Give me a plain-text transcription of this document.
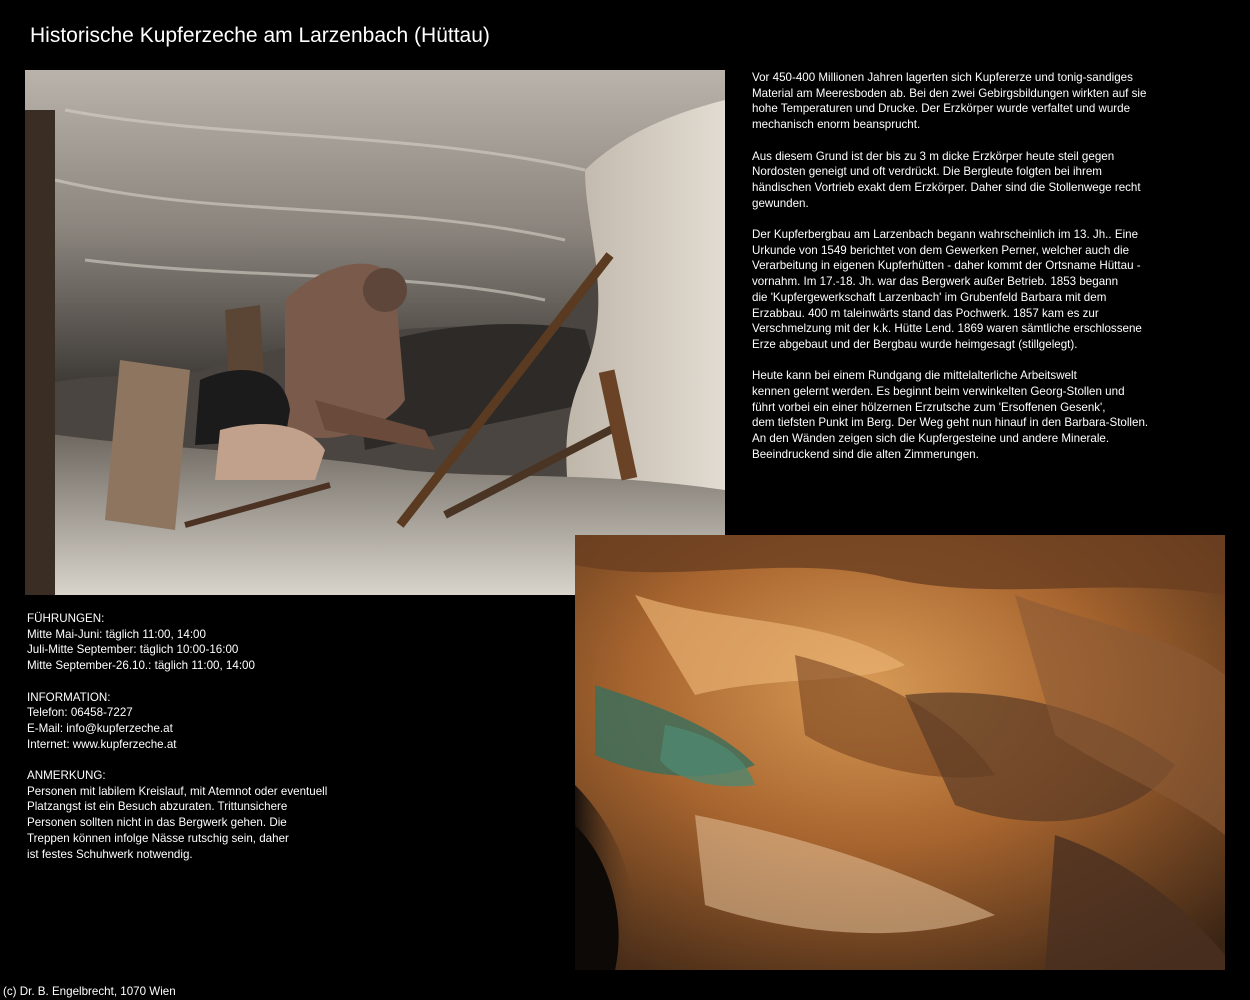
Historische Kupferzeche am Larzenbach (Hüttau)

Vor 450-400 Millionen Jahren lagerten sich Kupfererze und tonig-sandiges
Material am Meeresboden ab. Bei den zwei Gebirgsbildungen wirkten auf sie
hohe Temperaturen und Drucke. Der Erzkörper wurde verfaltet und wurde
mechanisch enorm beansprucht.

Aus diesem Grund ist der bis zu 3 m dicke Erzkörper heute steil gegen
Nordosten geneigt und oft verdrückt. Die Bergleute folgten bei ihrem
händischen Vortrieb exakt dem Erzkörper. Daher sind die Stollenwege recht
gewunden.

Der Kupferbergbau am Larzenbach begann wahrscheinlich im 13. Jh.. Eine
Urkunde von 1549 berichtet von dem Gewerken Perner, welcher auch die
Verarbeitung in eigenen Kupferhütten - daher kommt der Ortsname Hüttau -
vornahm. Im 17.-18. Jh. war das Bergwerk außer Betrieb. 1853 begann
die 'Kupfergewerkschaft Larzenbach' im Grubenfeld Barbara mit dem
Erzabbau. 400 m taleinwärts stand das Pochwerk. 1857 kam es zur
Verschmelzung mit der k.k. Hütte Lend. 1869 waren sämtliche erschlossene
Erze abgebaut und der Bergbau wurde heimgesagt (stillgelegt).

Heute kann bei einem Rundgang die mittelalterliche Arbeitswelt
kennen gelernt werden. Es beginnt beim verwinkelten Georg-Stollen und
führt vorbei ein einer hölzernen Erzrutsche zum 'Ersoffenen Gesenk',
dem tiefsten Punkt im Berg. Der Weg geht nun hinauf in den Barbara-Stollen.
An den Wänden zeigen sich die Kupfergesteine und andere Minerale.
Beeindruckend sind die alten Zimmerungen.

FÜHRUNGEN:
Mitte Mai-Juni: täglich 11:00, 14:00
Juli-Mitte September: täglich 10:00-16:00
Mitte September-26.10.: täglich 11:00, 14:00
INFORMATION:
Telefon: 06458-7227
E-Mail: info@kupferzeche.at
Internet: www.kupferzeche.at
ANMERKUNG:
Personen mit labilem Kreislauf, mit Atemnot oder eventuell
Platzangst ist ein Besuch abzuraten. Trittunsichere
Personen sollten nicht in das Bergwerk gehen. Die
Treppen können infolge Nässe rutschig sein, daher
ist festes Schuhwerk notwendig.
(c) Dr. B. Engelbrecht, 1070 Wien
